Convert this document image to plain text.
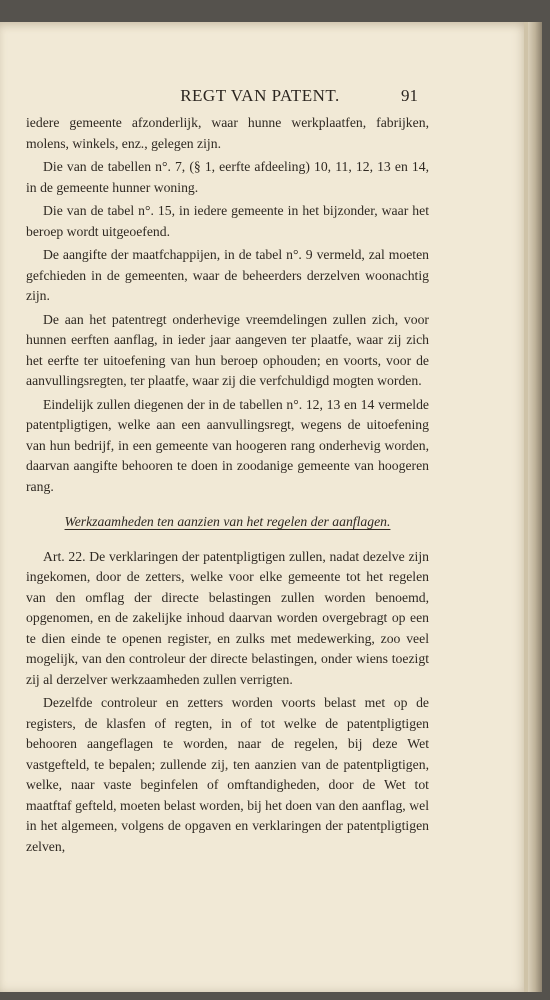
REGT VAN PATENT.	91

iedere gemeente afzonderlijk, waar hunne werkplaatfen, fabrijken, molens, winkels, enz., gelegen zijn.

Die van de tabellen n°. 7, (§ 1, eerfte afdeeling) 10, 11, 12, 13 en 14, in de gemeente hunner woning.

Die van de tabel n°. 15, in iedere gemeente in het bijzonder, waar het beroep wordt uitgeoefend.

De aangifte der maatfchappijen, in de tabel n°. 9 vermeld, zal moeten gefchieden in de gemeenten, waar de beheerders derzelven woonachtig zijn.

De aan het patentregt onderhevige vreemdelingen zullen zich, voor hunnen eerften aanflag, in ieder jaar aangeven ter plaatfe, waar zij zich het eerfte ter uitoefening van hun beroep ophouden; en voorts, voor de aanvullingsregten, ter plaatfe, waar zij die verfchuldigd mogten worden.

Eindelijk zullen diegenen der in de tabellen n°. 12, 13 en 14 vermelde patentpligtigen, welke aan een aanvullingsregt, wegens de uitoefening van hun bedrijf, in een gemeente van hoogeren rang onderhevig worden, daarvan aangifte behooren te doen in zoodanige gemeente van hoogeren rang.

Werkzaamheden ten aanzien van het regelen der aanflagen.

Art. 22. De verklaringen der patentpligtigen zullen, nadat dezelve zijn ingekomen, door de zetters, welke voor elke gemeente tot het regelen van den omflag der directe belastingen zullen worden benoemd, opgenomen, en de zakelijke inhoud daarvan worden overgebragt op een te dien einde te openen register, en zulks met medewerking, zoo veel mogelijk, van den controleur der directe belastingen, onder wiens toezigt zij al derzelver werkzaamheden zullen verrigten.

Dezelfde controleur en zetters worden voorts belast met op de registers, de klasfen of regten, in of tot welke de patentpligtigen behooren aangeflagen te worden, naar de regelen, bij deze Wet vastgefteld, te bepalen; zullende zij, ten aanzien van de patentpligtigen, welke, naar vaste beginfelen of omftandigheden, door de Wet tot maatftaf gefteld, moeten belast worden, bij het doen van den aanflag, wel in het algemeen, volgens de opgaven en verklaringen der patentpligtigen zelven,
